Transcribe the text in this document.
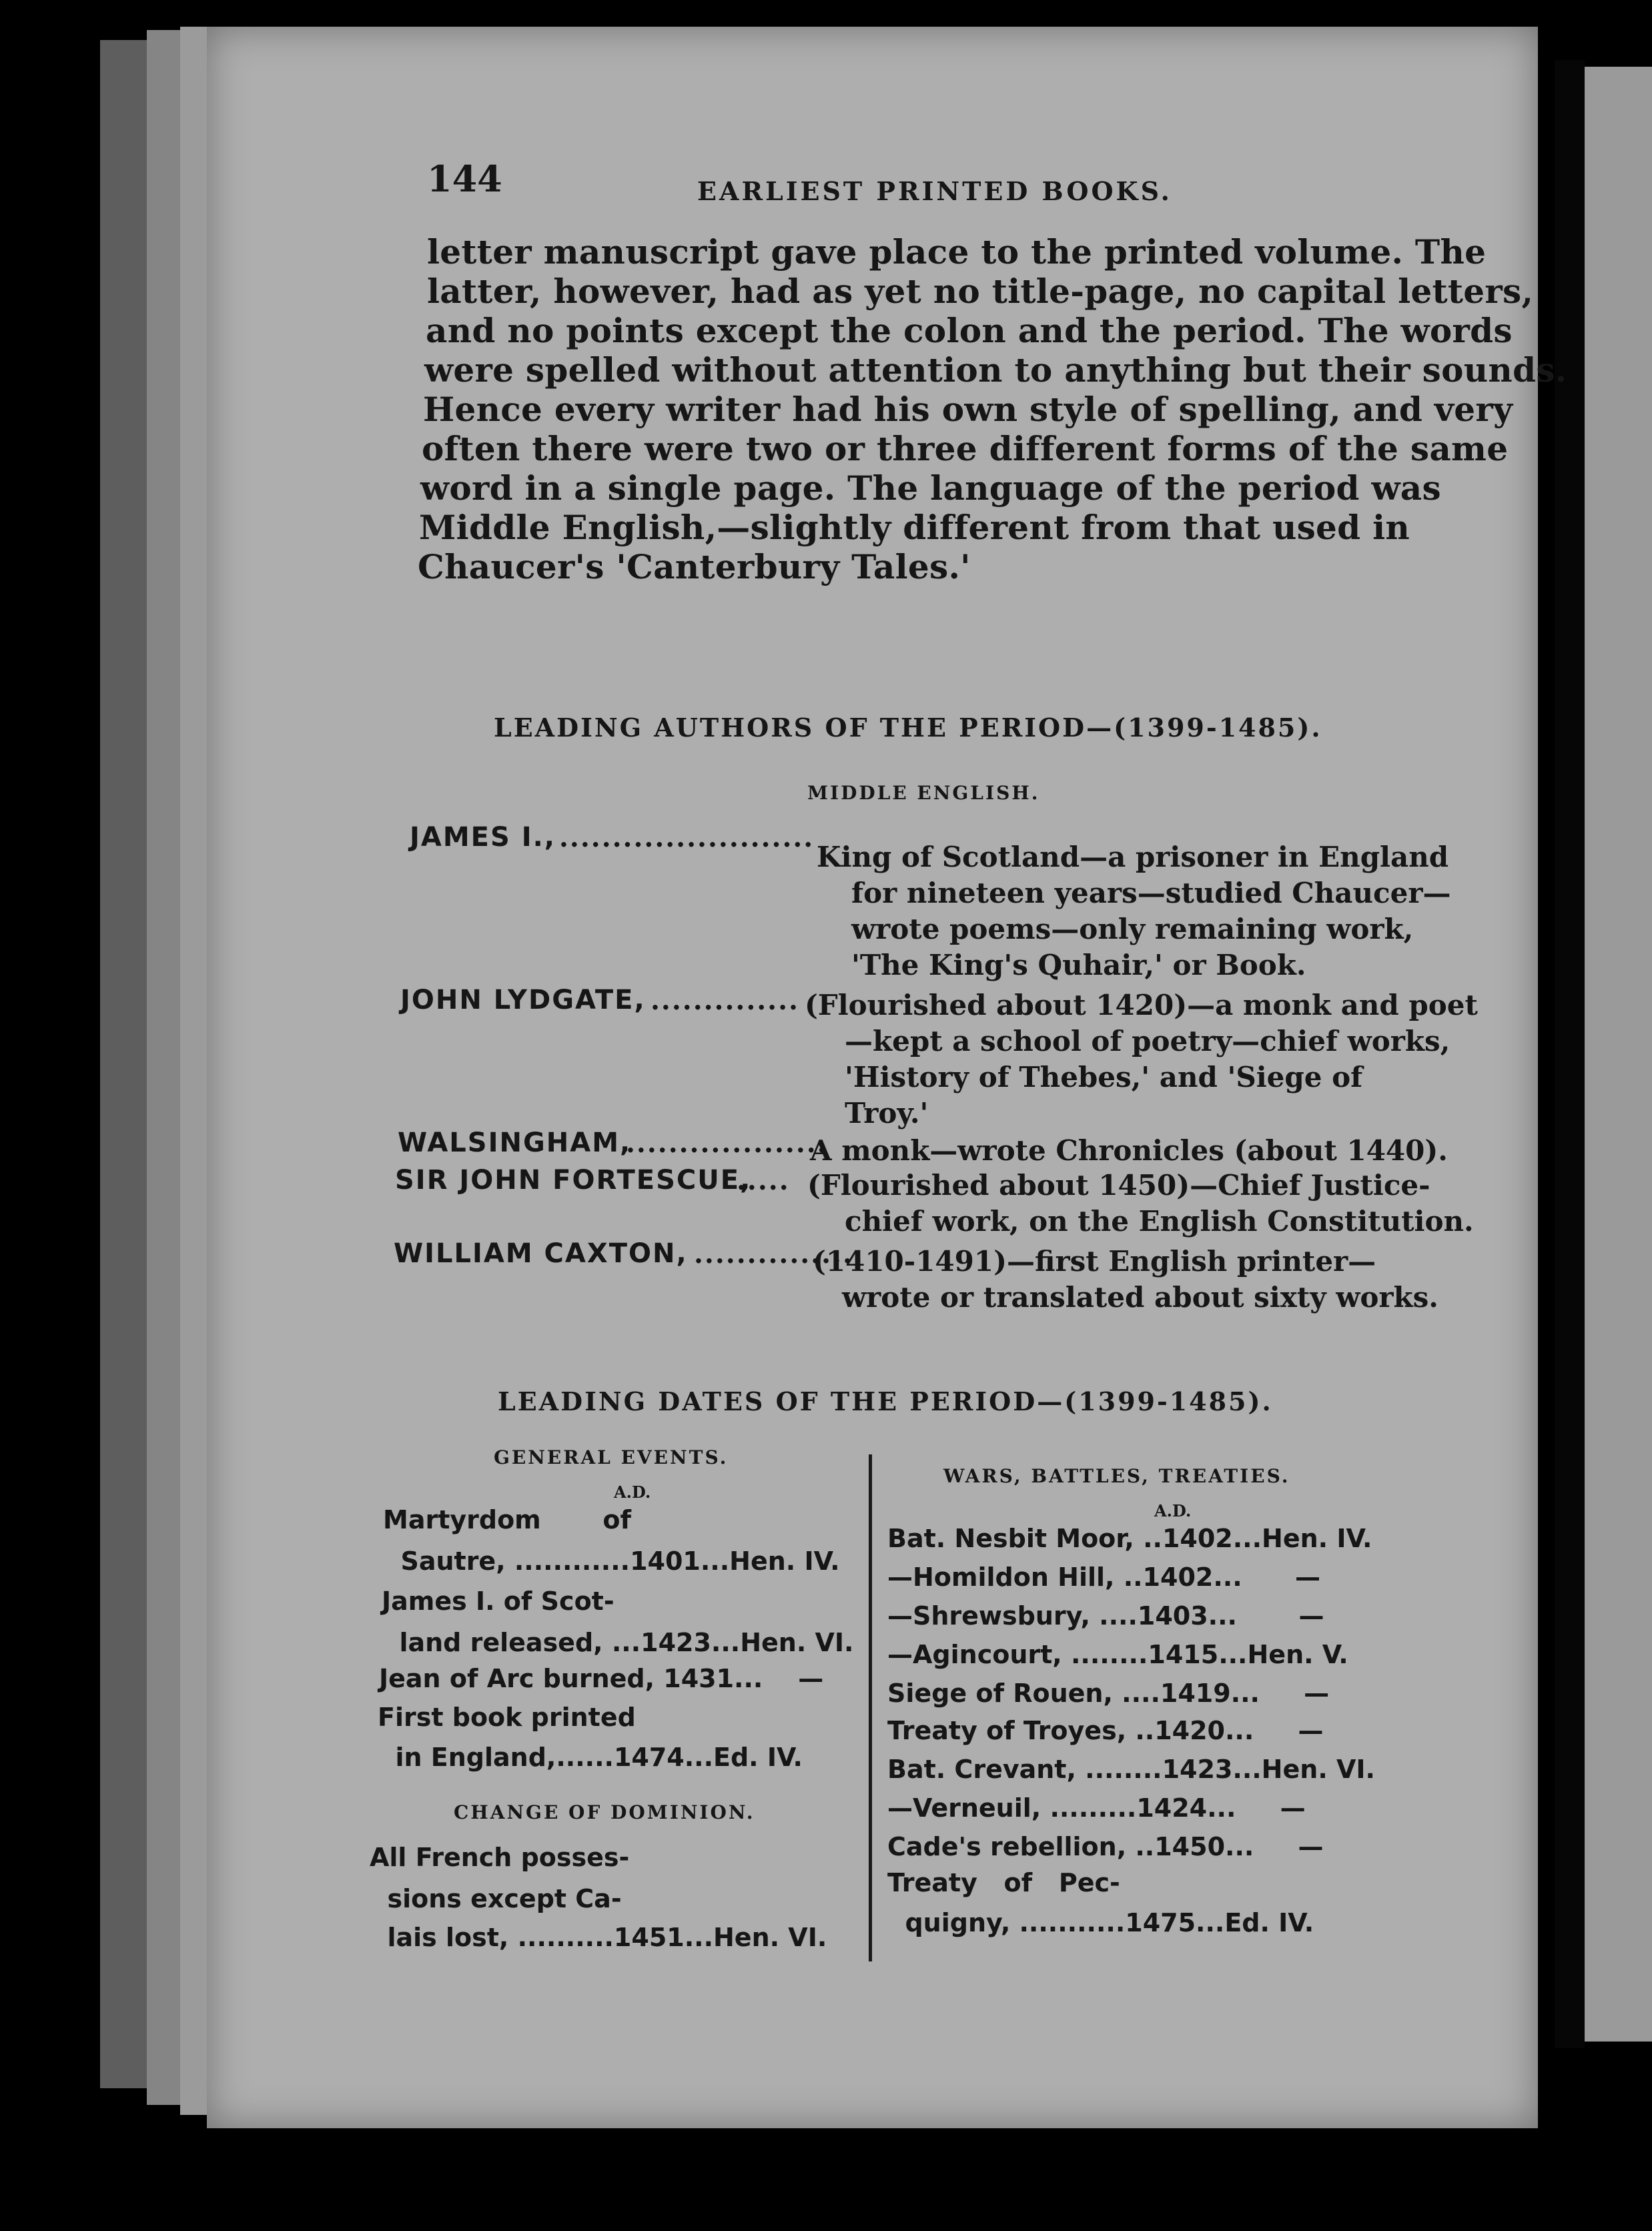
144	EARLIEST PRINTED BOOKS.
letter manuscript gave place to the printed volume. The
latter, however, had as yet no title-page, no capital letters,
and no points except the colon and the period. The words
were spelled without attention to anything but their sounds.
Hence every writer had his own style of spelling, and very
often there were two or three different forms of the same
word in a single page. The language of the period was
Middle English,—slightly different from that used in
Chaucer's 'Canterbury Tales.'
LEADING AUTHORS OF THE PERIOD—(1399-1485).
MIDDLE ENGLISH.
JAMES I., ........................
King of Scotland—a prisoner in England
for nineteen years—studied Chaucer—
wrote poems—only remaining work,
'The King's Quhair,' or Book.
JOHN LYDGATE, .............. (Flourished about 1420)—a monk and poet
—kept a school of poetry—chief works,
'History of Thebes,' and 'Siege of
Troy.'
WALSINGHAM,
...................
A monk—wrote Chronicles (about 1440).
SIR JOHN FORTESCUE,
..... (Flourished about 1450)—Chief Justice-
chief work, on the English Constitution.
WILLIAM CAXTON, ................
(1410-1491)—first English printer—
wrote or translated about sixty works.
LEADING DATES OF THE PERIOD—(1399-1485).
GENERAL EVENTS.
A.D.
Martyrdom       of
Sautre, ............1401...Hen. IV.
James I. of Scot-
land released, ...1423...Hen. VI.
Jean of Arc burned, 1431...    —
First book printed
in England,......1474...Ed. IV.
CHANGE OF DOMINION.
All French posses-
sions except Ca-
lais lost, ..........1451...Hen. VI.
WARS, BATTLES, TREATIES.
A.D.
Bat. Nesbit Moor, ..1402...Hen. IV.
—Homildon Hill, ..1402...      —
—Shrewsbury, ....1403...       —
—Agincourt, ........1415...Hen. V.
Siege of Rouen, ....1419...     —
Treaty of Troyes, ..1420...     —
Bat. Crevant, ........1423...Hen. VI.
—Verneuil, .........1424...     —
Cade's rebellion, ..1450...     —
Treaty   of   Pec-
quigny, ...........1475...Ed. IV.
